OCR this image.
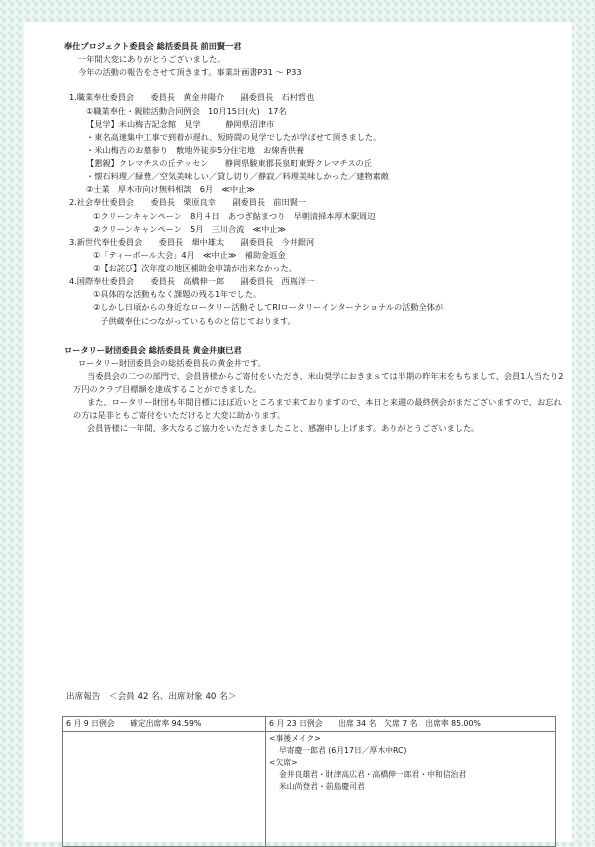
奉仕プロジェクト委員会 総括委員長 前田賢一君
一年間大変にありがとうございました。
今年の活動の報告をさせて頂きます。事業計画書P31 ～ P33
1.職業奉仕委員会　　委員長　黄金井陽介　　副委員長　石村哲也
①職業奉仕・親睦活動合同例会　10月15日(火)　17名
【見学】米山梅吉記念館　見学　　　静岡県沼津市
・東名高速集中工事で到着が遅れ、短時間の見学でしたが学ばせて頂きました。
・米山梅吉のお墓参り　敷地外徒歩5分住宅地　お線香供養
【懇親】クレマチスの丘テッセン　　静岡県駿東郡長泉町東野クレマチスの丘
・懐石料理／緑豊／空気美味しい／貸し切り／静寂／料理美味しかった／建物素敵
②士業　厚木市向け無料相談　6月　≪中止≫
2.社会奉仕委員会　　委員長　栗原良幸　　副委員長　前田賢一
①クリーンキャンペーン　8月４日　あつぎ鮎まつり　早朝清掃本厚木駅周辺
②クリーンキャンペーン　5月　三川合流　≪中止≫
3.新世代奉仕委員会　　委員長　畑中雄太　　副委員長　今井銀河
①「ティーボール大会」4月　≪中止≫　補助金返金
②【お詫び】次年度の地区補助金申請が出来なかった。
4.国際奉仕委員会　　委員長　高橋伸一郎　　副委員長　西嶌洋一
①具体的な活動もなく課題の残る1年でした。
②しかし日頃からの身近なロータリー活動そしてRIロータリーインターナショナルの活動全体が
子供蔵奉仕につながっているものと信じております。
ロータリー財団委員会 総括委員長 黄金井康巳君
ロータリー財団委員会の総括委員長の黄金井です。
当委員会の二つの部門で、会員皆様からご寄付をいただき、米山奨学におきまｓては半期の昨年末をもちまして、会員1人当たり2万円のクラブ目標額を達成することができました。
また、ロータリー財団も年間目標にほぼ近いところまで来ておりますので、本日と来週の最終例会がまだございますので、お忘れの方は是非ともご寄付をいただけると大変に助かります。
会員皆様に一年間、多大なるご協力をいただきましたこと、感謝申し上げます。ありがとうございました。
出席報告　＜会員 42 名、出席対象 40 名＞
6 月 9 日例会　　確定出席率 94.59%	6 月 23 日例会　　出席 34 名　欠席 7 名　出席率 85.00%

	<事後メイク>
早寄慶一郎君 (6月17日／厚木中RC)
<欠席>
金井良雄君・財津高広君・高橋伸一郎君・中和信治君
米山尚登君・前島慶司君
